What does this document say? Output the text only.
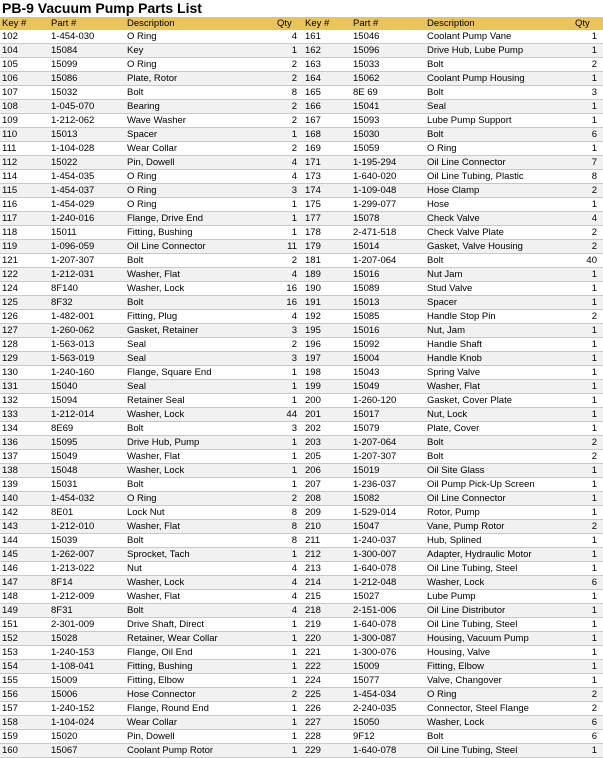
PB-9 Vacuum Pump Parts List
Key #	Part #	Description	Qty	Key #	Part #	Description	Qty
102	1-454-030	O Ring	4	161	15046	Coolant Pump Vane	1
104	15084	Key	1	162	15096	Drive Hub, Lube Pump	1
105	15099	O Ring	2	163	15033	Bolt	2
106	15086	Plate, Rotor	2	164	15062	Coolant Pump Housing	1
107	15032	Bolt	8	165	8E 69	Bolt	3
108	1-045-070	Bearing	2	166	15041	Seal	1
109	1-212-062	Wave Washer	2	167	15093	Lube Pump Support	1
110	15013	Spacer	1	168	15030	Bolt	6
111	1-104-028	Wear Collar	2	169	15059	O Ring	1
112	15022	Pin, Dowell	4	171	1-195-294	Oil Line Connector	7
114	1-454-035	O Ring	4	173	1-640-020	Oil Line Tubing, Plastic	8
115	1-454-037	O Ring	3	174	1-109-048	Hose Clamp	2
116	1-454-029	O Ring	1	175	1-299-077	Hose	1
117	1-240-016	Flange, Drive End	1	177	15078	Check Valve	4
118	15011	Fitting, Bushing	1	178	2-471-518	Check Valve Plate	2
119	1-096-059	Oil Line Connector	11	179	15014	Gasket, Valve Housing	2
121	1-207-307	Bolt	2	181	1-207-064	Bolt	40
122	1-212-031	Washer, Flat	4	189	15016	Nut Jam	1
124	8F140	Washer, Lock	16	190	15089	Stud Valve	1
125	8F32	Bolt	16	191	15013	Spacer	1
126	1-482-001	Fitting, Plug	4	192	15085	Handle Stop Pin	2
127	1-260-062	Gasket, Retainer	3	195	15016	Nut, Jam	1
128	1-563-013	Seal	2	196	15092	Handle Shaft	1
129	1-563-019	Seal	3	197	15004	Handle Knob	1
130	1-240-160	Flange, Square End	1	198	15043	Spring Valve	1
131	15040	Seal	1	199	15049	Washer, Flat	1
132	15094	Retainer Seal	1	200	1-260-120	Gasket, Cover Plate	1
133	1-212-014	Washer, Lock	44	201	15017	Nut, Lock	1
134	8E69	Bolt	3	202	15079	Plate, Cover	1
136	15095	Drive Hub, Pump	1	203	1-207-064	Bolt	2
137	15049	Washer, Flat	1	205	1-207-307	Bolt	2
138	15048	Washer, Lock	1	206	15019	Oil Site Glass	1
139	15031	Bolt	1	207	1-236-037	Oil Pump Pick-Up Screen	1
140	1-454-032	O Ring	2	208	15082	Oil Line Connector	1
142	8E01	Lock Nut	8	209	1-529-014	Rotor, Pump	1
143	1-212-010	Washer, Flat	8	210	15047	Vane, Pump Rotor	2
144	15039	Bolt	8	211	1-240-037	Hub, Splined	1
145	1-262-007	Sprocket, Tach	1	212	1-300-007	Adapter, Hydraulic Motor	1
146	1-213-022	Nut	4	213	1-640-078	Oil Line Tubing, Steel	1
147	8F14	Washer, Lock	4	214	1-212-048	Washer, Lock	6
148	1-212-009	Washer, Flat	4	215	15027	Lube Pump	1
149	8F31	Bolt	4	218	2-151-006	Oil Line Distributor	1
151	2-301-009	Drive Shaft, Direct	1	219	1-640-078	Oil Line Tubing, Steel	1
152	15028	Retainer, Wear Collar	1	220	1-300-087	Housing, Vacuum Pump	1
153	1-240-153	Flange, Oil End	1	221	1-300-076	Housing, Valve	1
154	1-108-041	Fitting, Bushing	1	222	15009	Fitting, Elbow	1
155	15009	Fitting, Elbow	1	224	15077	Valve, Changover	1
156	15006	Hose Connector	2	225	1-454-034	O Ring	2
157	1-240-152	Flange, Round End	1	226	2-240-035	Connector, Steel Flange	2
158	1-104-024	Wear Collar	1	227	15050	Washer, Lock	6
159	15020	Pin, Dowell	1	228	9F12	Bolt	6
160	15067	Coolant Pump Rotor	1	229	1-640-078	Oil Line Tubing, Steel	1
